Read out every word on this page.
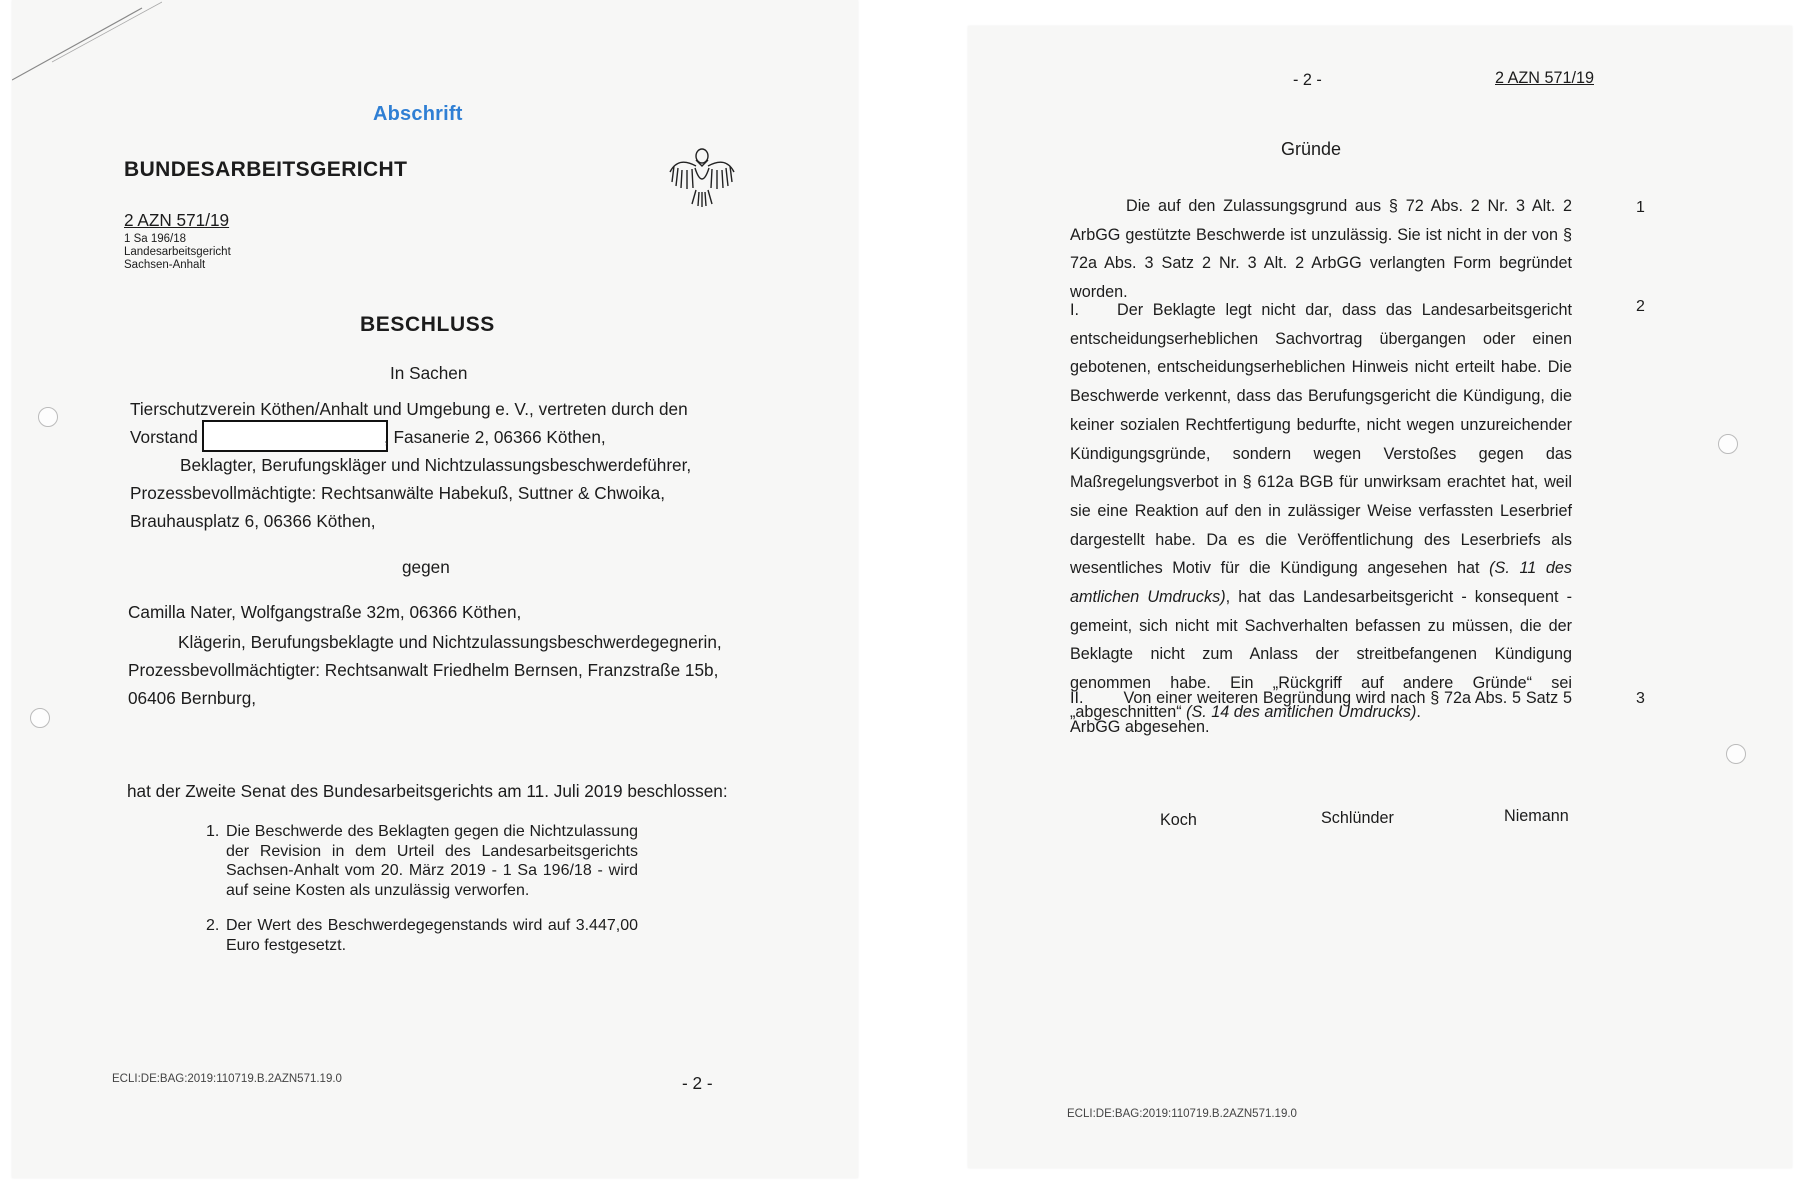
Abschrift
BUNDESARBEITSGERICHT
2 AZN 571/19
1 Sa 196/18
Landesarbeitsgericht
Sachsen-Anhalt
BESCHLUSS
In Sachen
Tierschutzverein Köthen/Anhalt und Umgebung e. V., vertreten durch den
Vorstand	, Fasanerie 2, 06366 Köthen,
Beklagter, Berufungskläger und Nichtzulassungsbeschwerdeführer,
Prozessbevollmächtigte: Rechtsanwälte Habekuß, Suttner & Chwoika,
Brauhausplatz 6, 06366 Köthen,
gegen
Camilla Nater, Wolfgangstraße 32m, 06366 Köthen,
Klägerin, Berufungsbeklagte und Nichtzulassungsbeschwerdegegnerin,
Prozessbevollmächtigter: Rechtsanwalt Friedhelm Bernsen, Franzstraße 15b,
06406 Bernburg,
hat der Zweite Senat des Bundesarbeitsgerichts am 11. Juli 2019 beschlossen:
1. Die Beschwerde des Beklagten gegen die Nichtzulassung der Revision in dem Urteil des Landesarbeitsgerichts Sachsen-Anhalt vom 20. März 2019 - 1 Sa 196/18 - wird auf seine Kosten als unzulässig verworfen.
2. Der Wert des Beschwerdegegenstands wird auf 3.447,00 Euro festgesetzt.
ECLI:DE:BAG:2019:110719.B.2AZN571.19.0	- 2 -
- 2 -	2 AZN 571/19
Gründe
Die auf den Zulassungsgrund aus § 72 Abs. 2 Nr. 3 Alt. 2 ArbGG gestützte Beschwerde ist unzulässig. Sie ist nicht in der von § 72a Abs. 3 Satz 2 Nr. 3 Alt. 2 ArbGG verlangten Form begründet worden.
1
I. Der Beklagte legt nicht dar, dass das Landesarbeitsgericht entscheidungserheblichen Sachvortrag übergangen oder einen gebotenen, entscheidungserheblichen Hinweis nicht erteilt habe. Die Beschwerde verkennt, dass das Berufungsgericht die Kündigung, die keiner sozialen Rechtfertigung bedurfte, nicht wegen unzureichender Kündigungsgründe, sondern wegen Verstoßes gegen das Maßregelungsverbot in § 612a BGB für unwirksam erachtet hat, weil sie eine Reaktion auf den in zulässiger Weise verfassten Leserbrief dargestellt habe. Da es die Veröffentlichung des Leserbriefs als wesentliches Motiv für die Kündigung angesehen hat (S. 11 des amtlichen Umdrucks), hat das Landesarbeitsgericht - konsequent - gemeint, sich nicht mit Sachverhalten befassen zu müssen, die der Beklagte nicht zum Anlass der streitbefangenen Kündigung genommen habe. Ein „Rückgriff auf andere Gründe“ sei „abgeschnitten“ (S. 14 des amtlichen Umdrucks).
2
II. Von einer weiteren Begründung wird nach § 72a Abs. 5 Satz 5 ArbGG abgesehen.
3
Koch	Schlünder	Niemann
ECLI:DE:BAG:2019:110719.B.2AZN571.19.0
